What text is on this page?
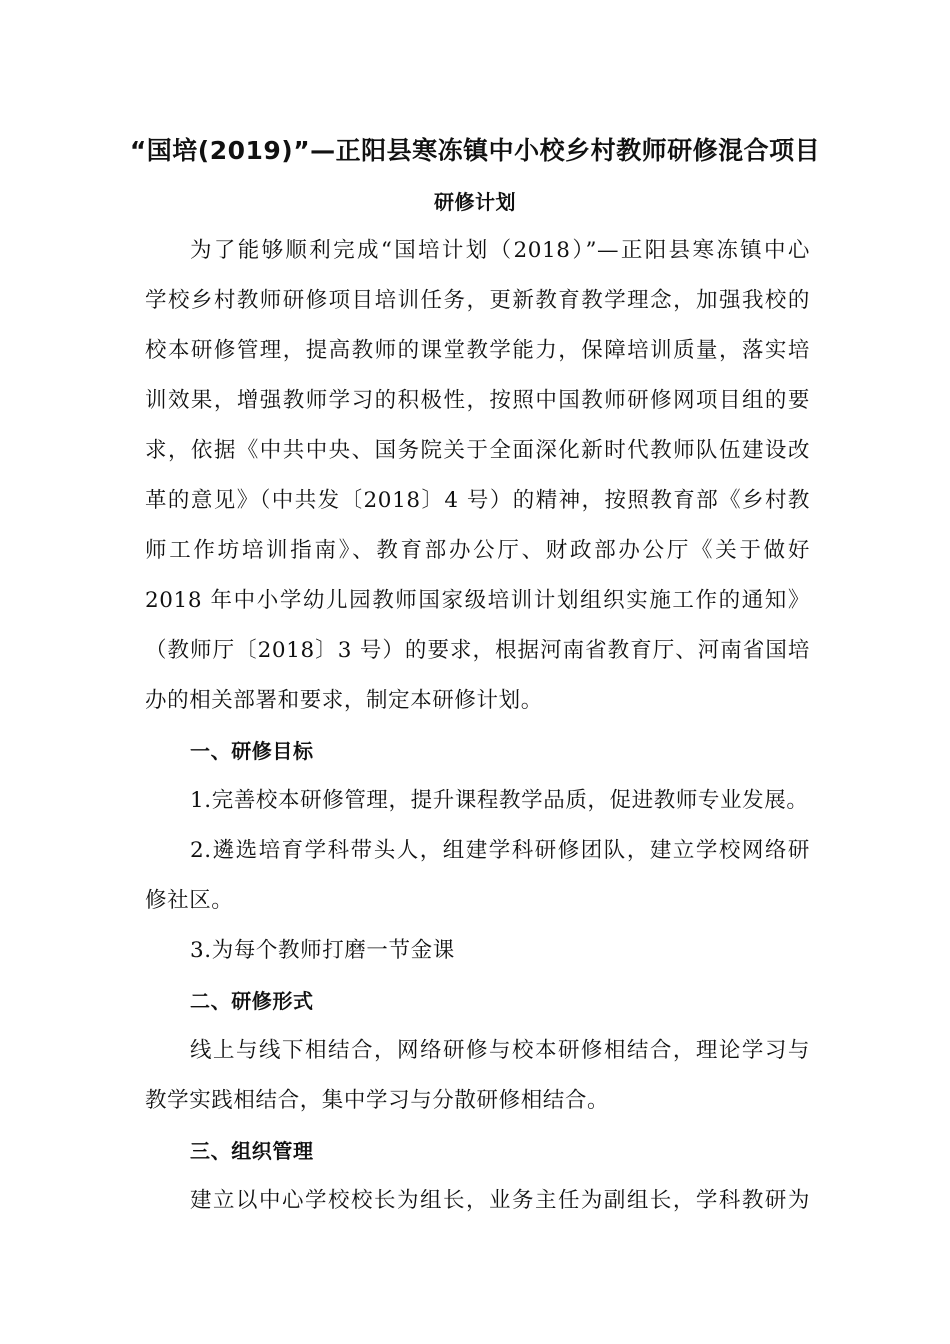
“国培(2019)”—正阳县寒冻镇中小校乡村教师研修混合项目
研修计划
为了能够顺利完成“国培计划（2018）”—正阳县寒冻镇中心
学校乡村教师研修项目培训任务，更新教育教学理念，加强我校的
校本研修管理，提高教师的课堂教学能力，保障培训质量，落实培
训效果，增强教师学习的积极性，按照中国教师研修网项目组的要
求，依据《中共中央、国务院关于全面深化新时代教师队伍建设改
革的意见》（中共发〔2018〕4 号）的精神，按照教育部《乡村教
师工作坊培训指南》、教育部办公厅、财政部办公厅《关于做好
2018 年中小学幼儿园教师国家级培训计划组织实施工作的通知》
（教师厅〔2018〕3 号）的要求，根据河南省教育厅、河南省国培
办的相关部署和要求，制定本研修计划。
一、研修目标
1.完善校本研修管理，提升课程教学品质，促进教师专业发展。
2.遴选培育学科带头人，组建学科研修团队，建立学校网络研
修社区。
3.为每个教师打磨一节金课
二、研修形式
线上与线下相结合，网络研修与校本研修相结合，理论学习与
教学实践相结合，集中学习与分散研修相结合。
三、组织管理
建立以中心学校校长为组长，业务主任为副组长，学科教研为
